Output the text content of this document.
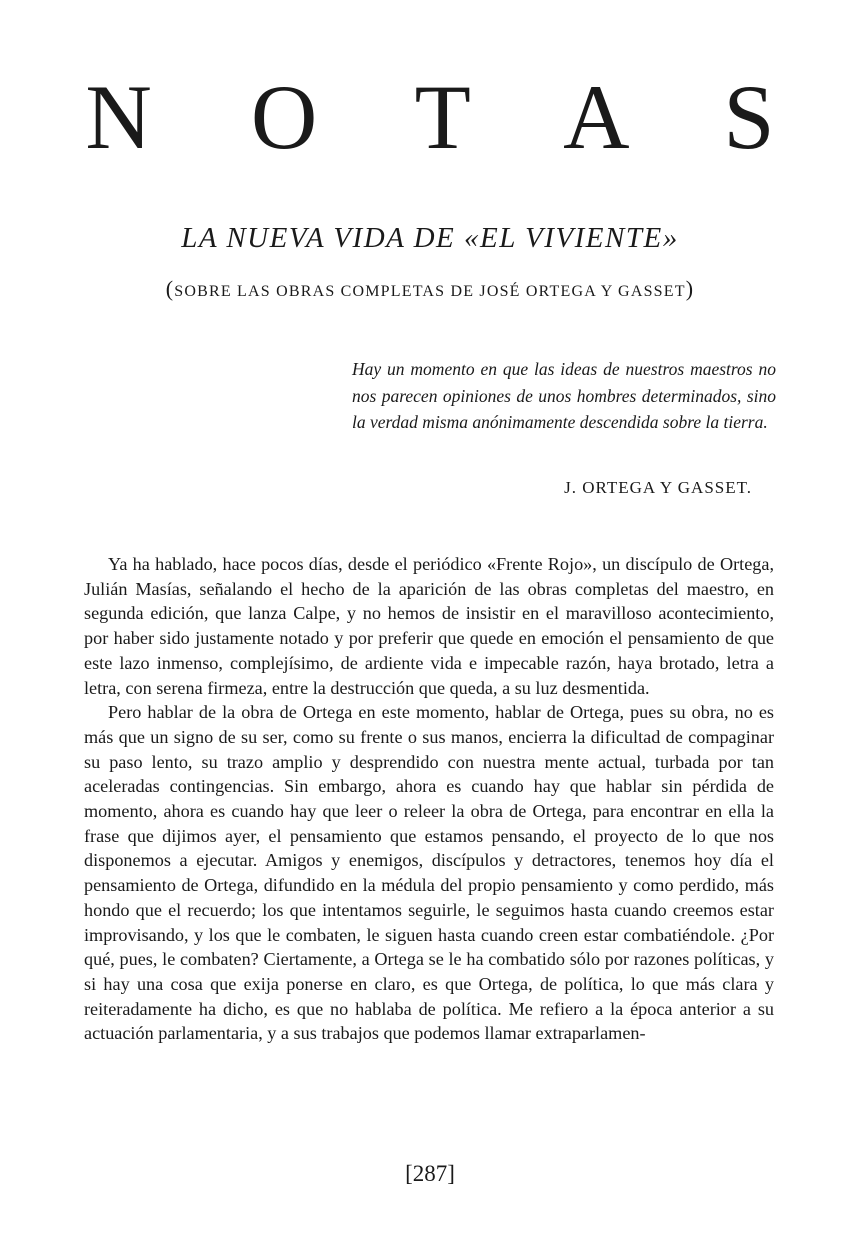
N O T A S
LA NUEVA VIDA DE «EL VIVIENTE»
(SOBRE LAS OBRAS COMPLETAS DE JOSÉ ORTEGA Y GASSET)

Hay un momento en que las ideas de nuestros maestros no nos parecen opiniones de unos hombres determinados, sino la verdad misma anónimamente descendida sobre la tierra.

J. ORTEGA Y GASSET.

Ya ha hablado, hace pocos días, desde el periódico «Frente Rojo», un discípulo de Ortega, Julián Masías, señalando el hecho de la aparición de las obras completas del maestro, en segunda edición, que lanza Calpe, y no hemos de insistir en el maravilloso acontecimiento, por haber sido justamente notado y por preferir que quede en emoción el pensamiento de que este lazo inmenso, complejísimo, de ardiente vida e impecable razón, haya brotado, letra a letra, con serena firmeza, entre la destrucción que queda, a su luz desmentida.

Pero hablar de la obra de Ortega en este momento, hablar de Ortega, pues su obra, no es más que un signo de su ser, como su frente o sus manos, encierra la dificultad de compaginar su paso lento, su trazo amplio y desprendido con nuestra mente actual, turbada por tan aceleradas contingencias. Sin embargo, ahora es cuando hay que hablar sin pérdida de momento, ahora es cuando hay que leer o releer la obra de Ortega, para encontrar en ella la frase que dijimos ayer, el pensamiento que estamos pensando, el proyecto de lo que nos disponemos a ejecutar. Amigos y enemigos, discípulos y detractores, tenemos hoy día el pensamiento de Ortega, difundido en la médula del propio pensamiento y como perdido, más hondo que el recuerdo; los que intentamos seguirle, le seguimos hasta cuando creemos estar improvisando, y los que le combaten, le siguen hasta cuando creen estar combatiéndole. ¿Por qué, pues, le combaten? Ciertamente, a Ortega se le ha combatido sólo por razones políticas, y si hay una cosa que exija ponerse en claro, es que Ortega, de política, lo que más clara y reiteradamente ha dicho, es que no hablaba de política. Me refiero a la época anterior a su actuación parlamentaria, y a sus trabajos que podemos llamar extraparlamen-

[287]
